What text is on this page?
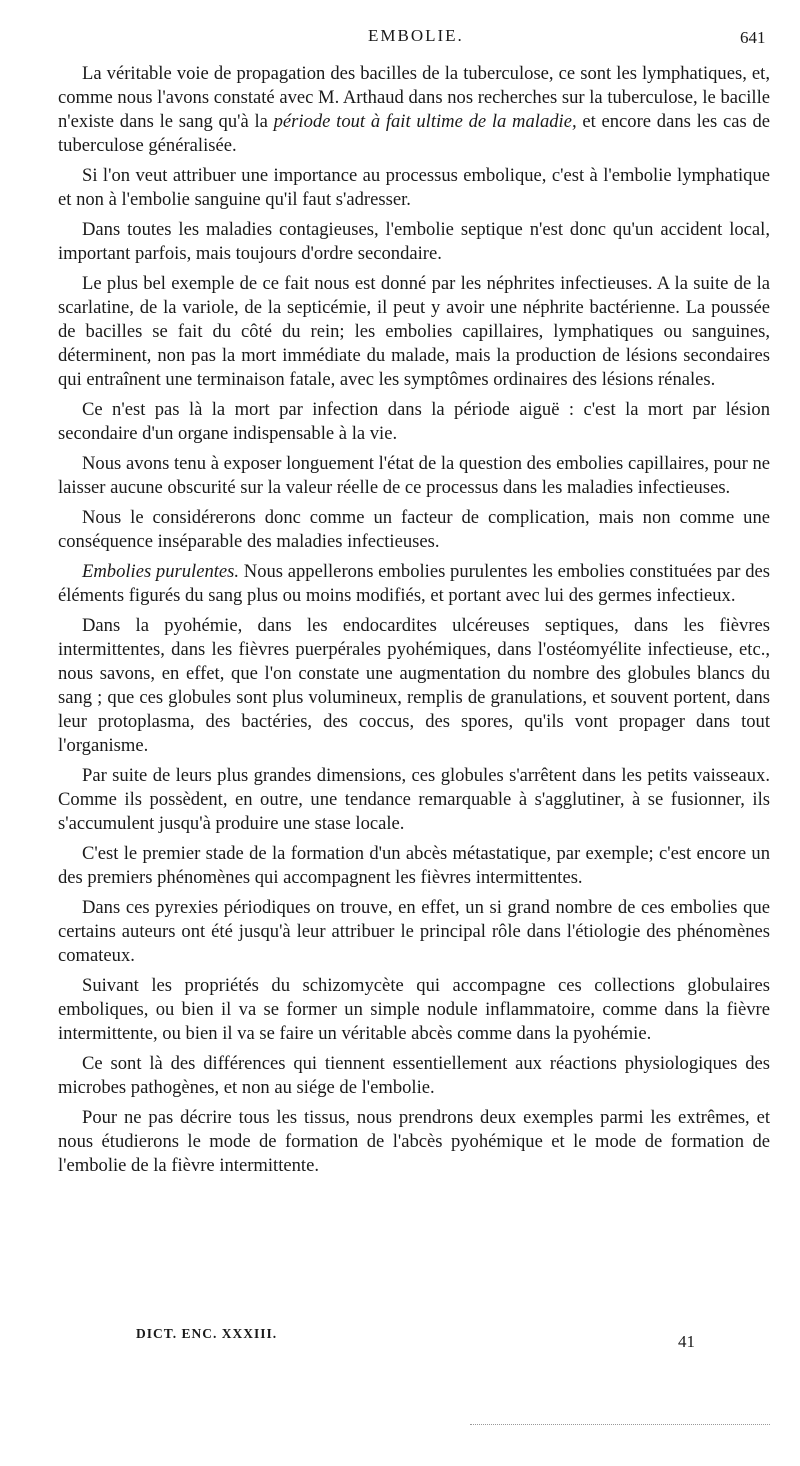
EMBOLIE.	641

La véritable voie de propagation des bacilles de la tuberculose, ce sont les lymphatiques, et, comme nous l'avons constaté avec M. Arthaud dans nos recherches sur la tuberculose, le bacille n'existe dans le sang qu'à la période tout à fait ultime de la maladie, et encore dans les cas de tuberculose généralisée.

Si l'on veut attribuer une importance au processus embolique, c'est à l'embolie lymphatique et non à l'embolie sanguine qu'il faut s'adresser.

Dans toutes les maladies contagieuses, l'embolie septique n'est donc qu'un accident local, important parfois, mais toujours d'ordre secondaire.

Le plus bel exemple de ce fait nous est donné par les néphrites infectieuses. A la suite de la scarlatine, de la variole, de la septicémie, il peut y avoir une néphrite bactérienne. La poussée de bacilles se fait du côté du rein; les embolies capillaires, lymphatiques ou sanguines, déterminent, non pas la mort immédiate du malade, mais la production de lésions secondaires qui entraînent une terminaison fatale, avec les symptômes ordinaires des lésions rénales.

Ce n'est pas là la mort par infection dans la période aiguë : c'est la mort par lésion secondaire d'un organe indispensable à la vie.

Nous avons tenu à exposer longuement l'état de la question des embolies capillaires, pour ne laisser aucune obscurité sur la valeur réelle de ce processus dans les maladies infectieuses.

Nous le considérerons donc comme un facteur de complication, mais non comme une conséquence inséparable des maladies infectieuses.

Embolies purulentes. Nous appellerons embolies purulentes les embolies constituées par des éléments figurés du sang plus ou moins modifiés, et portant avec lui des germes infectieux.

Dans la pyohémie, dans les endocardites ulcéreuses septiques, dans les fièvres intermittentes, dans les fièvres puerpérales pyohémiques, dans l'ostéomyélite infectieuse, etc., nous savons, en effet, que l'on constate une augmentation du nombre des globules blancs du sang ; que ces globules sont plus volumineux, remplis de granulations, et souvent portent, dans leur protoplasma, des bactéries, des coccus, des spores, qu'ils vont propager dans tout l'organisme.

Par suite de leurs plus grandes dimensions, ces globules s'arrêtent dans les petits vaisseaux. Comme ils possèdent, en outre, une tendance remarquable à s'agglutiner, à se fusionner, ils s'accumulent jusqu'à produire une stase locale.

C'est le premier stade de la formation d'un abcès métastatique, par exemple; c'est encore un des premiers phénomènes qui accompagnent les fièvres intermittentes.

Dans ces pyrexies périodiques on trouve, en effet, un si grand nombre de ces embolies que certains auteurs ont été jusqu'à leur attribuer le principal rôle dans l'étiologie des phénomènes comateux.

Suivant les propriétés du schizomycète qui accompagne ces collections globulaires emboliques, ou bien il va se former un simple nodule inflammatoire, comme dans la fièvre intermittente, ou bien il va se faire un véritable abcès comme dans la pyohémie.

Ce sont là des différences qui tiennent essentiellement aux réactions physiologiques des microbes pathogènes, et non au siége de l'embolie.

Pour ne pas décrire tous les tissus, nous prendrons deux exemples parmi les extrêmes, et nous étudierons le mode de formation de l'abcès pyohémique et le mode de formation de l'embolie de la fièvre intermittente.

DICT. ENC. XXXIII.	41
